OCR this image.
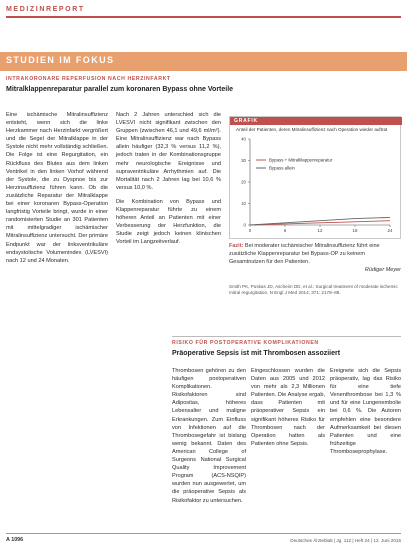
MEDIZINREPORT
STUDIEN IM FOKUS
INTRAKORONARE REPERFUSION NACH HERZINFARKT
Mitralklappenreparatur parallel zum koronaren Bypass ohne Vorteile

Eine ischämische Mitralinsuffizienz entsteht, wenn sich die linke Herzkammer nach Herzinfarkt vergrößert und die Segel der Mitralklappe in der Systole nicht mehr vollständig schließen. Die Folge ist eine Regurgitation, ein Rückfluss des Blutes aus dem linken Ventrikel in den linken Vorhof während der Systole, die zu Dyspnoe bis zur Herzinsuffizienz führen kann. Ob die zusätzliche Reparatur der Mitralklappe bei einer koronaren Bypass-Operation langfristig Vorteile bringt, wurde in einer randomisierten Studie an 301 Patienten mit mittelgradiger ischämischer Mitralinsuffizienz untersucht. Der primäre Endpunkt war der linksventrikuläre endsystolische Volumenindex (LVESVI) nach 12 und 24 Monaten.

Nach 2 Jahren unterschied sich die LVESVI nicht signifikant zwischen den Gruppen (zwischen 46,1 und 49,6 ml/m²). Eine Mitralinsuffizienz war nach Bypass allein häufiger (32,3 % versus 11,2 %), jedoch traten in der Kombinationsgruppe mehr neurologische Ereignisse und supraventrikuläre Arrhythmien auf. Die Mortalität nach 2 Jahren lag bei 10,6 % versus 10,0 %.

Die Kombination von Bypass und Klappenreparatur führte zu einem höheren Anteil an Patienten mit einer Verbesserung der Herzfunktion, die Studie zeigt jedoch keinen klinischen Vorteil im Langzeitverlauf.

GRAFIK
Anteil der Patienten, deren Mitralinsuffizienz nach Operation wieder auftrat
0
10
20
30
40
0	6	12	18	24
Bypass + Mitralklappenreparatur
Bypass allein
Fazit: Bei moderater ischämischer Mitralinsuffizienz führt eine zusätzliche Klappenreparatur bei Bypass-OP zu keinem Gesamtnutzen für den Patienten.
Rüdiger Meyer
Smith PK, Puskas JD, Ascheim DD, et al.: Surgical treatment of moderate ischemic mitral regurgitation. N Engl J Med 2014; 371: 2178–88.
RISIKO FÜR POSTOPERATIVE KOMPLIKATIONEN
Präoperative Sepsis ist mit Thrombosen assoziiert

Thrombosen gehören zu den häufigen postoperativen Komplikationen. Risikofaktoren sind Adipositas, höheres Lebensalter und maligne Erkrankungen. Zum Einfluss von Infektionen auf die Thrombosegefahr ist bislang wenig bekannt. Daten des American College of Surgeons National Surgical Quality Improvement Program (ACS-NSQIP) wurden nun ausgewertet, um die präoperative Sepsis als Risikofaktor zu untersuchen.

Eingeschlossen wurden die Daten aus 2005 und 2012 von mehr als 2,3 Millionen Patienten. Die Analyse ergab, dass Patienten mit präoperativer Sepsis ein signifikant höheres Risiko für Thrombosen nach der Operation hatten als Patienten ohne Sepsis.

Ereignete sich die Sepsis präoperativ, lag das Risiko für eine tiefe Venenthrombose bei 1,3 % und für eine Lungenembolie bei 0,6 %. Die Autoren empfehlen eine besondere Aufmerksamkeit bei diesen Patienten und eine frühzeitige Thromboseprophylaxe.

A 1096	Deutsches Ärzteblatt | Jg. 112 | Heft 24 | 12. Juni 2015
